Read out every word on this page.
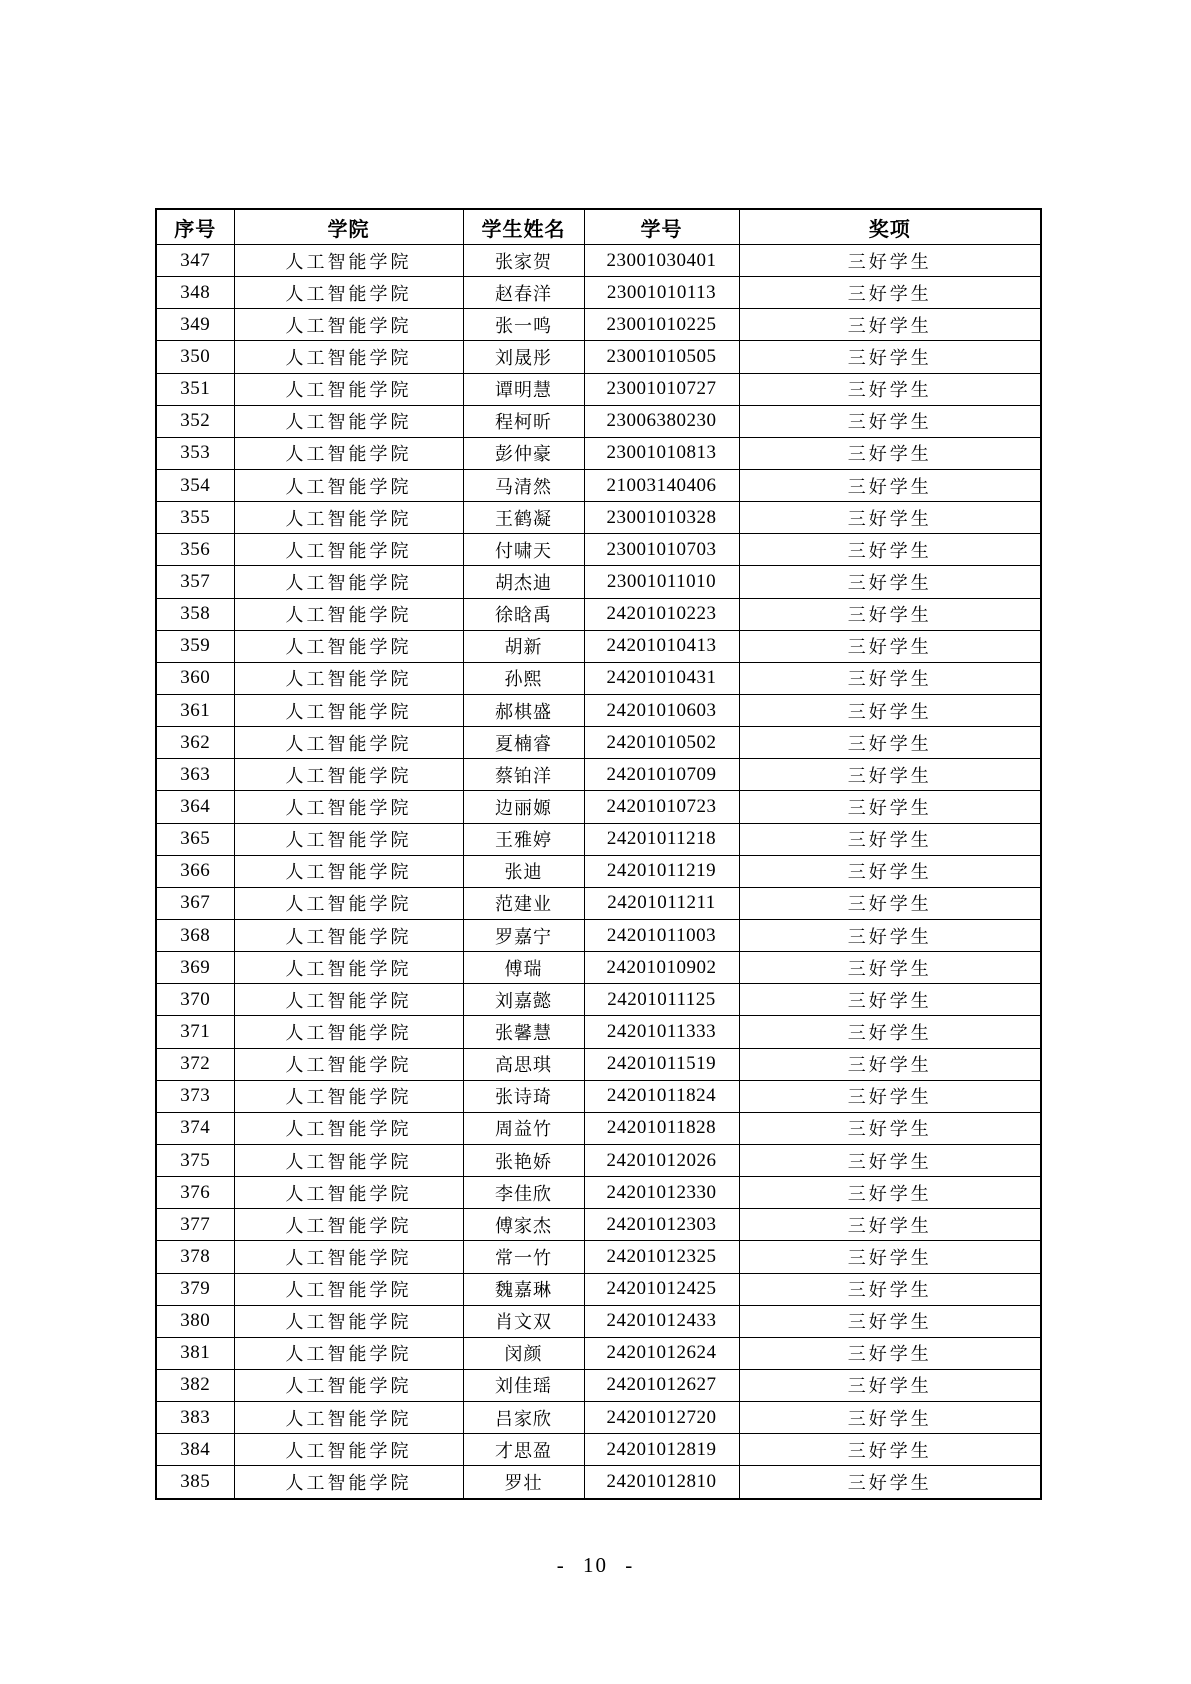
序号	学院	学生姓名	学号	奖项
347	人工智能学院	张家贺	23001030401	三好学生
348	人工智能学院	赵春洋	23001010113	三好学生
349	人工智能学院	张一鸣	23001010225	三好学生
350	人工智能学院	刘晟彤	23001010505	三好学生
351	人工智能学院	谭明慧	23001010727	三好学生
352	人工智能学院	程柯昕	23006380230	三好学生
353	人工智能学院	彭仲豪	23001010813	三好学生
354	人工智能学院	马清然	21003140406	三好学生
355	人工智能学院	王鹤凝	23001010328	三好学生
356	人工智能学院	付啸天	23001010703	三好学生
357	人工智能学院	胡杰迪	23001011010	三好学生
358	人工智能学院	徐晗禹	24201010223	三好学生
359	人工智能学院	胡新	24201010413	三好学生
360	人工智能学院	孙熙	24201010431	三好学生
361	人工智能学院	郝棋盛	24201010603	三好学生
362	人工智能学院	夏楠睿	24201010502	三好学生
363	人工智能学院	蔡铂洋	24201010709	三好学生
364	人工智能学院	边丽嫄	24201010723	三好学生
365	人工智能学院	王雅婷	24201011218	三好学生
366	人工智能学院	张迪	24201011219	三好学生
367	人工智能学院	范建业	24201011211	三好学生
368	人工智能学院	罗嘉宁	24201011003	三好学生
369	人工智能学院	傅瑞	24201010902	三好学生
370	人工智能学院	刘嘉懿	24201011125	三好学生
371	人工智能学院	张馨慧	24201011333	三好学生
372	人工智能学院	高思琪	24201011519	三好学生
373	人工智能学院	张诗琦	24201011824	三好学生
374	人工智能学院	周益竹	24201011828	三好学生
375	人工智能学院	张艳娇	24201012026	三好学生
376	人工智能学院	李佳欣	24201012330	三好学生
377	人工智能学院	傅家杰	24201012303	三好学生
378	人工智能学院	常一竹	24201012325	三好学生
379	人工智能学院	魏嘉琳	24201012425	三好学生
380	人工智能学院	肖文双	24201012433	三好学生
381	人工智能学院	闵颜	24201012624	三好学生
382	人工智能学院	刘佳瑶	24201012627	三好学生
383	人工智能学院	吕家欣	24201012720	三好学生
384	人工智能学院	才思盈	24201012819	三好学生
385	人工智能学院	罗壮	24201012810	三好学生
- 10 -
